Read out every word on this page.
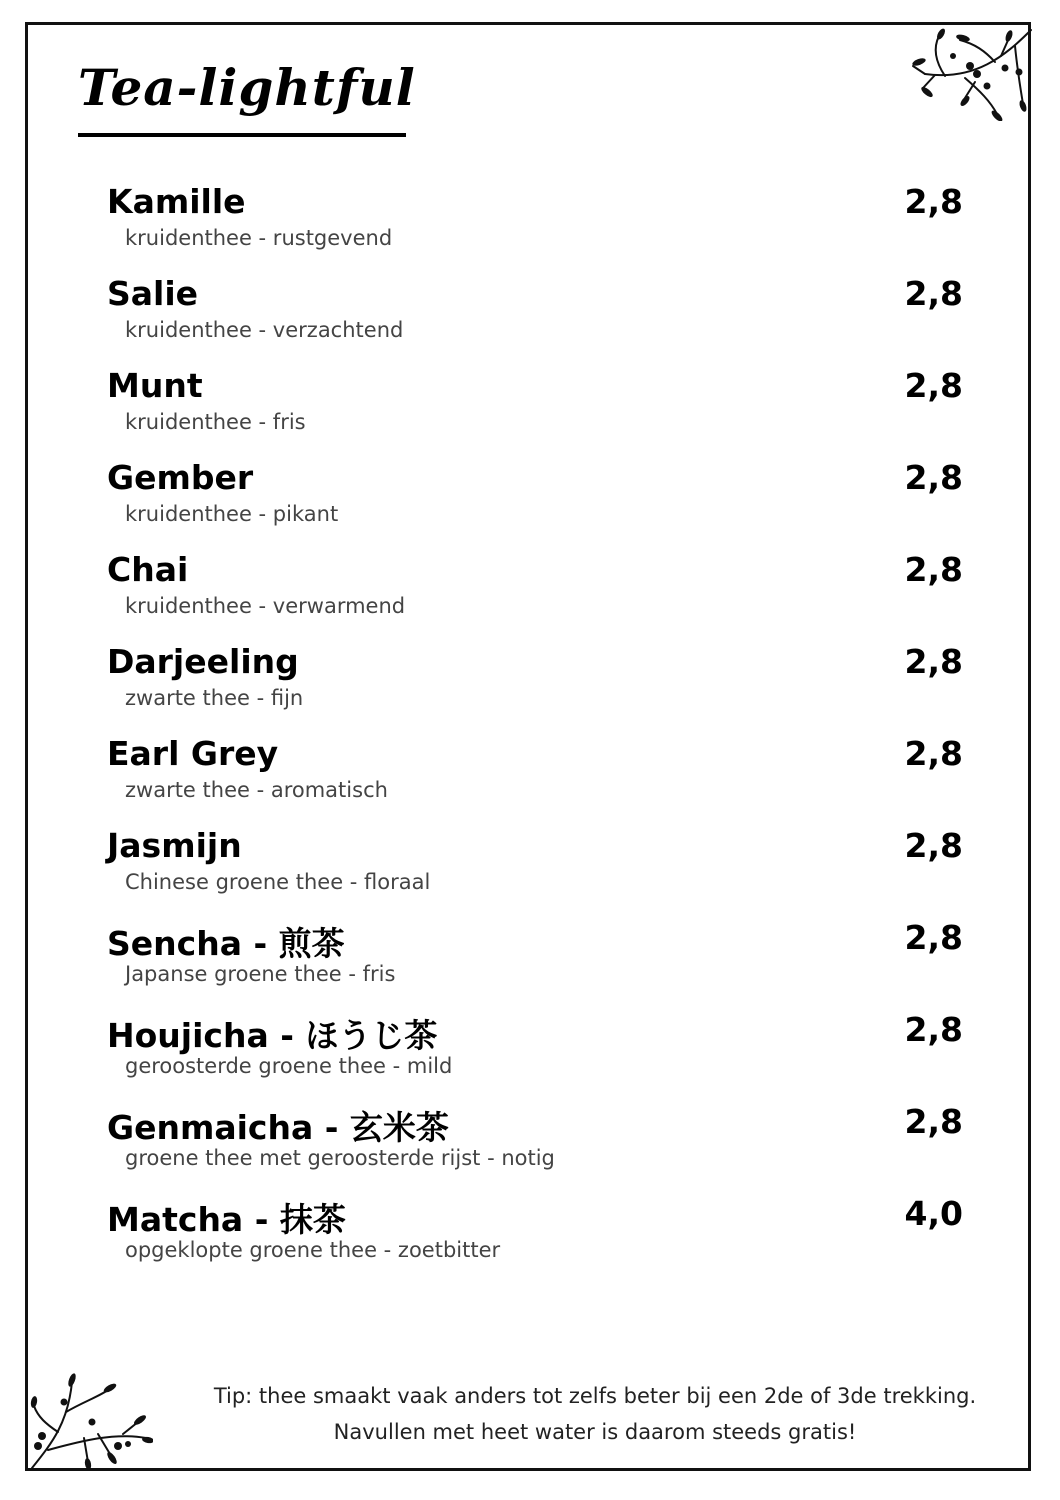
Tea-lightful
Kamille
kruidenthee - rustgevend
2,8
Salie
kruidenthee - verzachtend
2,8
Munt
kruidenthee - fris
2,8
Gember
kruidenthee - pikant
2,8
Chai
kruidenthee - verwarmend
2,8
Darjeeling
zwarte thee - fijn
2,8
Earl Grey
zwarte thee - aromatisch
2,8
Jasmijn
Chinese groene thee - floraal
2,8
Sencha - 煎茶
Japanse groene thee - fris
2,8
Houjicha - ほうじ茶
geroosterde groene thee - mild
2,8
Genmaicha - 玄米茶
groene thee met geroosterde rijst - notig
2,8
Matcha - 抹茶
opgeklopte groene thee - zoetbitter
4,0
Tip: thee smaakt vaak anders tot zelfs beter bij een 2de of 3de trekking.
Navullen met heet water is daarom steeds gratis!
